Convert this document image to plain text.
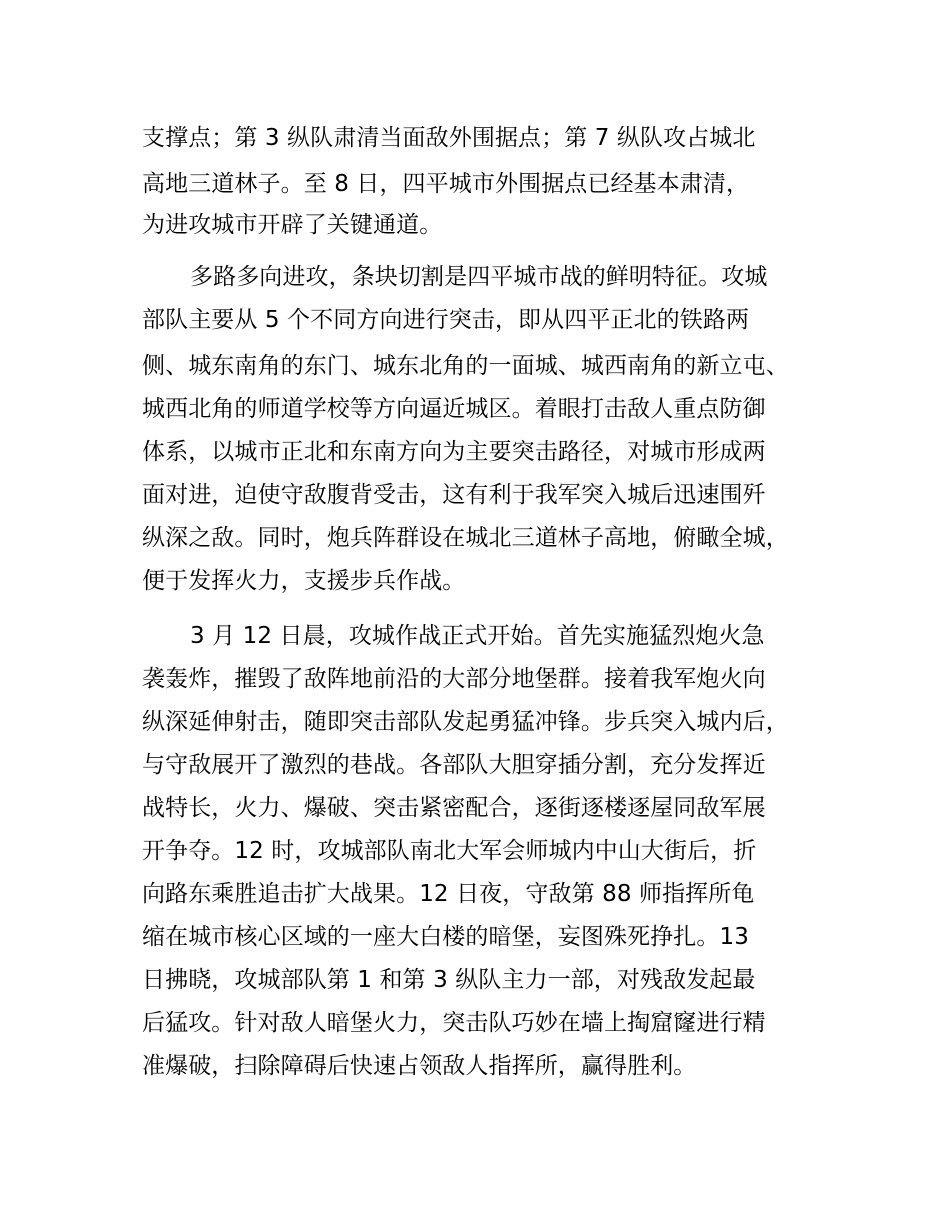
支撑点；第 3 纵队肃清当面敌外围据点；第 7 纵队攻占城北

高地三道林子。至 8 日，四平城市外围据点已经基本肃清，

为进攻城市开辟了关键通道。

多路多向进攻，条块切割是四平城市战的鲜明特征。攻城

部队主要从 5 个不同方向进行突击，即从四平正北的铁路两

侧、城东南角的东门、城东北角的一面城、城西南角的新立屯、

城西北角的师道学校等方向逼近城区。着眼打击敌人重点防御

体系，以城市正北和东南方向为主要突击路径，对城市形成两

面对进，迫使守敌腹背受击，这有利于我军突入城后迅速围歼

纵深之敌。同时，炮兵阵群设在城北三道林子高地，俯瞰全城，

便于发挥火力，支援步兵作战。

3 月 12 日晨，攻城作战正式开始。首先实施猛烈炮火急

袭轰炸，摧毁了敌阵地前沿的大部分地堡群。接着我军炮火向

纵深延伸射击，随即突击部队发起勇猛冲锋。步兵突入城内后，

与守敌展开了激烈的巷战。各部队大胆穿插分割，充分发挥近

战特长，火力、爆破、突击紧密配合，逐街逐楼逐屋同敌军展

开争夺。12 时，攻城部队南北大军会师城内中山大街后，折

向路东乘胜追击扩大战果。12 日夜，守敌第 88 师指挥所龟

缩在城市核心区域的一座大白楼的暗堡，妄图殊死挣扎。13

日拂晓，攻城部队第 1 和第 3 纵队主力一部，对残敌发起最

后猛攻。针对敌人暗堡火力，突击队巧妙在墙上掏窟窿进行精

准爆破，扫除障碍后快速占领敌人指挥所，赢得胜利。
